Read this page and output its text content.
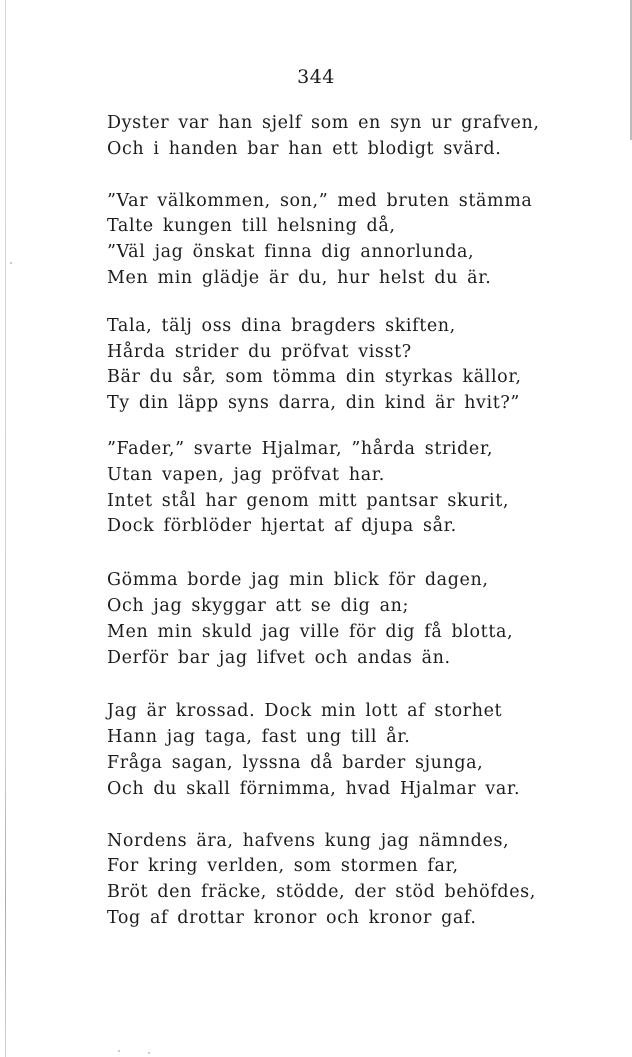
344
Dyster var han sjelf som en syn ur grafven,
Och i handen bar han ett blodigt svärd.
”Var välkommen, son,” med bruten stämma
Talte kungen till helsning då,
”Väl jag önskat finna dig annorlunda,
Men min glädje är du, hur helst du är.
Tala, tälj oss dina bragders skiften,
Hårda strider du pröfvat visst?
Bär du sår, som tömma din styrkas källor,
Ty din läpp syns darra, din kind är hvit?”
”Fader,” svarte Hjalmar, ”hårda strider,
Utan vapen, jag pröfvat har.
Intet stål har genom mitt pantsar skurit,
Dock förblöder hjertat af djupa sår.
Gömma borde jag min blick för dagen,
Och jag skyggar att se dig an;
Men min skuld jag ville för dig få blotta,
Derför bar jag lifvet och andas än.
Jag är krossad. Dock min lott af storhet
Hann jag taga, fast ung till år.
Fråga sagan, lyssna då barder sjunga,
Och du skall förnimma, hvad Hjalmar var.
Nordens ära, hafvens kung jag nämndes,
For kring verlden, som stormen far,
Bröt den fräcke, stödde, der stöd behöfdes,
Tog af drottar kronor och kronor gaf.
